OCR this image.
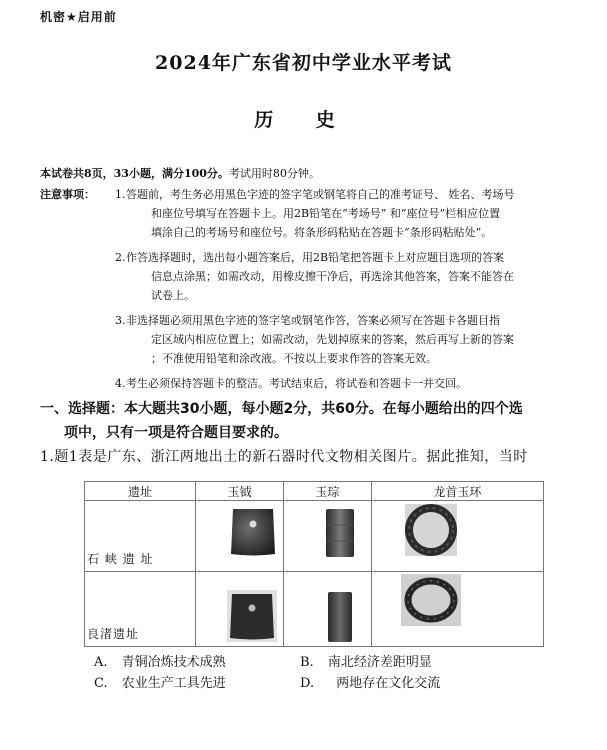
机密★启用前
2024年广东省初中学业水平考试
历 史
本试卷共8页，33小题，满分100分。考试用时80分钟。
注意事项： 1. 答题前，考生务必用黑色字迹的签字笔或钢笔将自己的准考证号、 姓名、考场号
和座位号填写在答题卡上。用2B铅笔在“考场号” 和“座位号”栏相应位置
填涂自己的考场号和座位号。将条形码粘贴在答题卡“条形码粘贴处”。
2. 作答选择题时，选出每小题答案后，用2B铅笔把答题卡上对应题目选项的答案
信息点涂黑；如需改动，用橡皮擦干净后，再选涂其他答案，答案不能答在
试卷上。
3. 非选择题必须用黑色字迹的签字笔或钢笔作答，答案必须写在答题卡各题目指
定区域内相应位置上；如需改动，先划掉原来的答案，然后再写上新的答案
；不准使用铅笔和涂改液。不按以上要求作答的答案无效。
4. 考生必须保持答题卡的整洁。考试结束后，将试卷和答题卡一并交回。
一、选择题：本大题共30小题，每小题2分，共60分。在每小题给出的四个选
项中，只有一项是符合题目要求的。
1.题1表是广东、浙江两地出土的新石器时代文物相关图片。据此推知，当时
遗址	玉钺	玉琮	龙首玉环

石 峡 遗 址

良渚遗址

A. 青铜冶炼技术成熟	B. 南北经济差距明显
C. 农业生产工具先进	D. 两地存在文化交流
